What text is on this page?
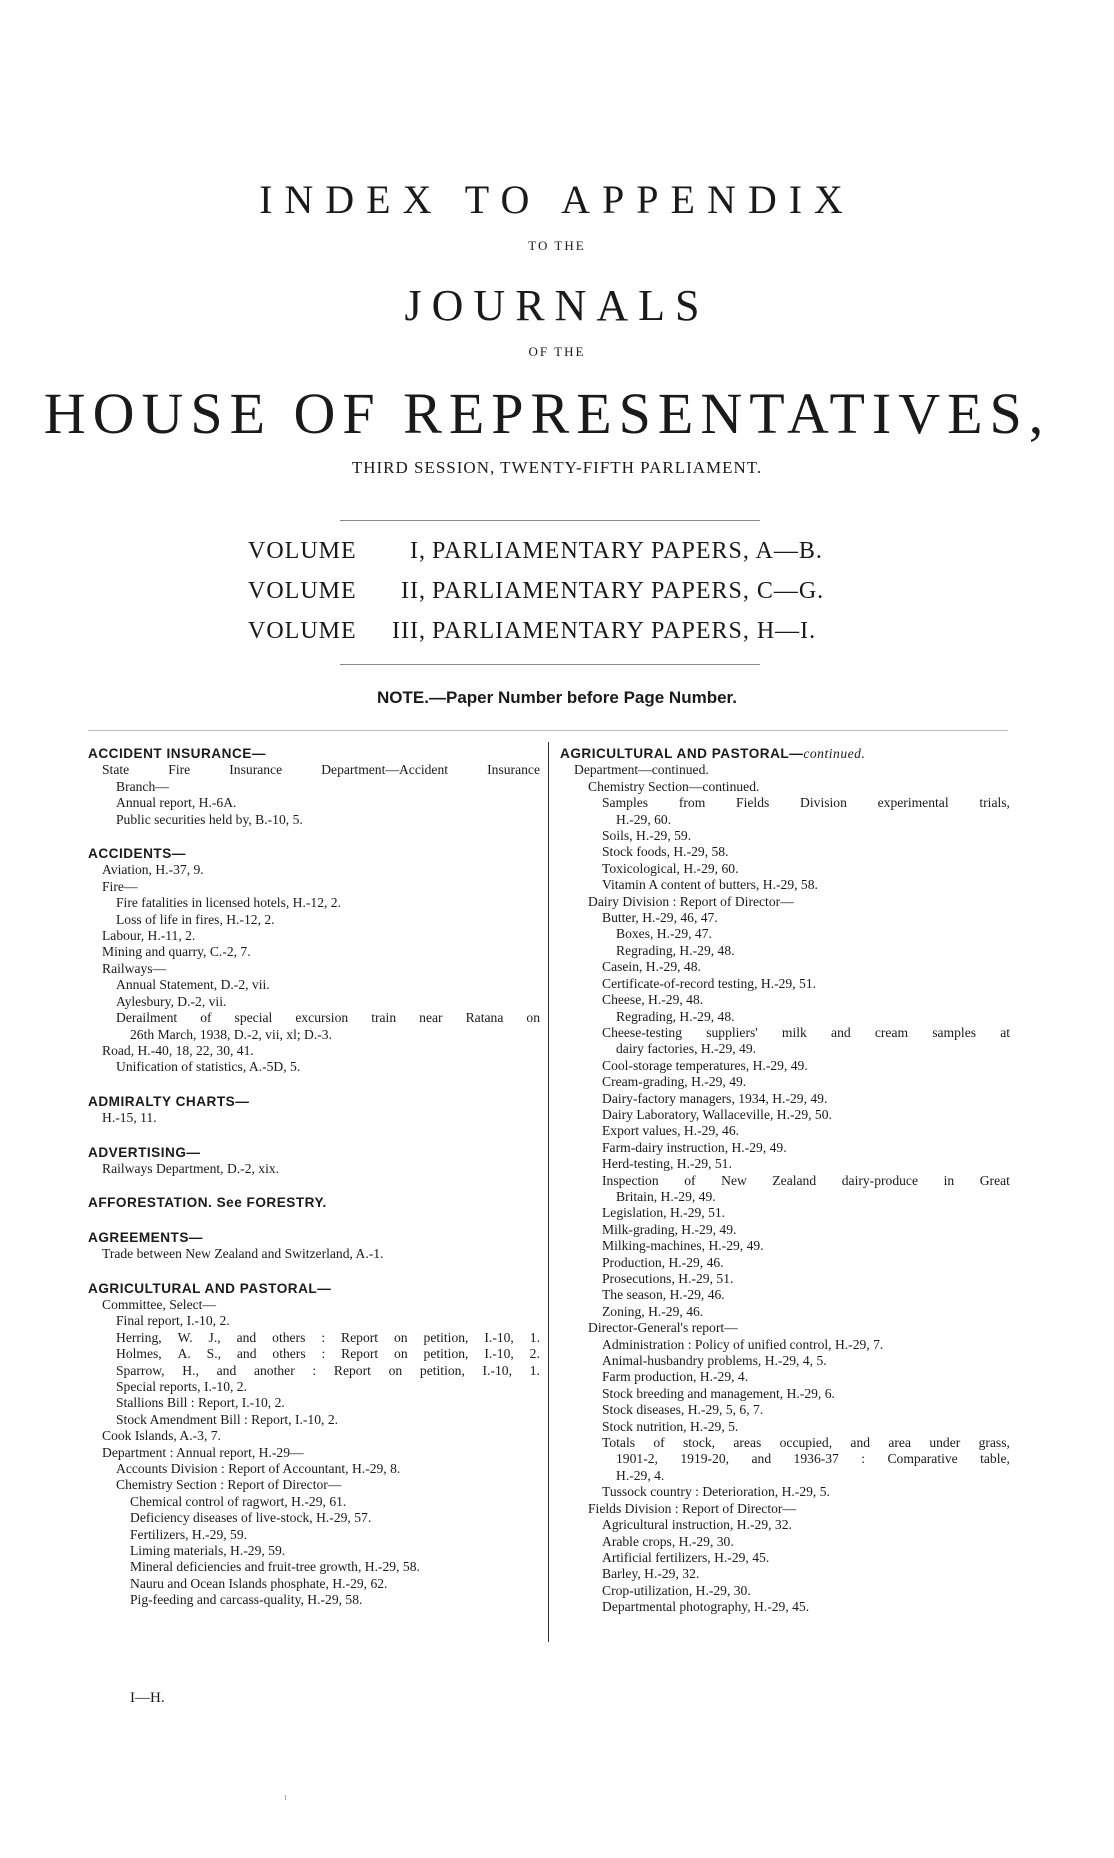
INDEX TO APPENDIX
TO THE
JOURNALS
OF THE
HOUSE OF REPRESENTATIVES,
THIRD SESSION, TWENTY-FIFTH PARLIAMENT.
VOLUME I, PARLIAMENTARY PAPERS, A—B.
VOLUME II, PARLIAMENTARY PAPERS, C—G.
VOLUME III, PARLIAMENTARY PAPERS, H—I.
NOTE.—Paper Number before Page Number.
ACCIDENT INSURANCE—
State	Fire	Insurance	Department—Accident	Insurance
Branch—
Annual report, H.-6A.
Public securities held by, B.-10, 5.
ACCIDENTS—
Aviation, H.-37, 9.
Fire—
Fire fatalities in licensed hotels, H.-12, 2.
Loss of life in fires, H.-12, 2.
Labour, H.-11, 2.
Mining and quarry, C.-2, 7.
Railways—
Annual Statement, D.-2, vii.
Aylesbury, D.-2, vii.
Derailment of special excursion train near Ratana on
26th March, 1938, D.-2, vii, xl; D.-3.
Road, H.-40, 18, 22, 30, 41.
Unification of statistics, A.-5D, 5.
ADMIRALTY CHARTS—
H.-15, 11.
ADVERTISING—
Railways Department, D.-2, xix.
AFFORESTATION. See FORESTRY.
AGREEMENTS—
Trade between New Zealand and Switzerland, A.-1.
AGRICULTURAL AND PASTORAL—
Committee, Select—
Final report, I.-10, 2.
Herring, W. J., and others : Report on petition, I.-10, 1.
Holmes, A. S., and others : Report on petition, I.-10, 2.
Sparrow, H., and another : Report on petition, I.-10, 1.
Special reports, I.-10, 2.
Stallions Bill : Report, I.-10, 2.
Stock Amendment Bill : Report, I.-10, 2.
Cook Islands, A.-3, 7.
Department : Annual report, H.-29—
Accounts Division : Report of Accountant, H.-29, 8.
Chemistry Section : Report of Director—
Chemical control of ragwort, H.-29, 61.
Deficiency diseases of live-stock, H.-29, 57.
Fertilizers, H.-29, 59.
Liming materials, H.-29, 59.
Mineral deficiencies and fruit-tree growth, H.-29, 58.
Nauru and Ocean Islands phosphate, H.-29, 62.
Pig-feeding and carcass-quality, H.-29, 58.
AGRICULTURAL AND PASTORAL—continued.
Department—continued.
Chemistry Section—continued.
Samples from Fields Division experimental trials,
H.-29, 60.
Soils, H.-29, 59.
Stock foods, H.-29, 58.
Toxicological, H.-29, 60.
Vitamin A content of butters, H.-29, 58.
Dairy Division : Report of Director—
Butter, H.-29, 46, 47.
Boxes, H.-29, 47.
Regrading, H.-29, 48.
Casein, H.-29, 48.
Certificate-of-record testing, H.-29, 51.
Cheese, H.-29, 48.
Regrading, H.-29, 48.
Cheese-testing suppliers' milk and cream samples at
dairy factories, H.-29, 49.
Cool-storage temperatures, H.-29, 49.
Cream-grading, H.-29, 49.
Dairy-factory managers, 1934, H.-29, 49.
Dairy Laboratory, Wallaceville, H.-29, 50.
Export values, H.-29, 46.
Farm-dairy instruction, H.-29, 49.
Herd-testing, H.-29, 51.
Inspection of New Zealand dairy-produce in Great
Britain, H.-29, 49.
Legislation, H.-29, 51.
Milk-grading, H.-29, 49.
Milking-machines, H.-29, 49.
Production, H.-29, 46.
Prosecutions, H.-29, 51.
The season, H.-29, 46.
Zoning, H.-29, 46.
Director-General's report—
Administration : Policy of unified control, H.-29, 7.
Animal-husbandry problems, H.-29, 4, 5.
Farm production, H.-29, 4.
Stock breeding and management, H.-29, 6.
Stock diseases, H.-29, 5, 6, 7.
Stock nutrition, H.-29, 5.
Totals of stock, areas occupied, and area under grass,
1901-2, 1919-20, and 1936-37 : Comparative table,
H.-29, 4.
Tussock country : Deterioration, H.-29, 5.
Fields Division : Report of Director—
Agricultural instruction, H.-29, 32.
Arable crops, H.-29, 30.
Artificial fertilizers, H.-29, 45.
Barley, H.-29, 32.
Crop-utilization, H.-29, 30.
Departmental photography, H.-29, 45.
I—H.
ı
